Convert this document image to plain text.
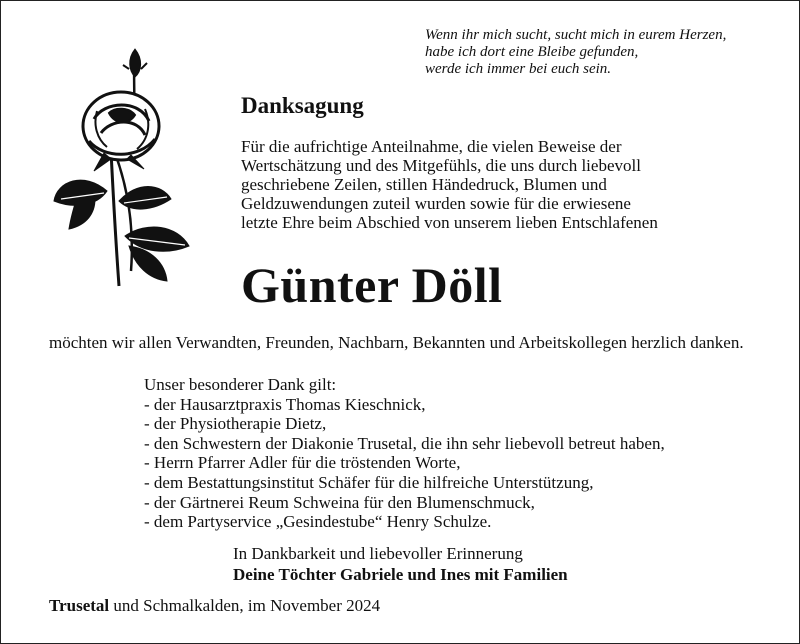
Wenn ihr mich sucht, sucht mich in eurem Herzen,
habe ich dort eine Bleibe gefunden,
werde ich immer bei euch sein.
Danksagung
Für die aufrichtige Anteilnahme, die vielen Beweise der
Wertschätzung und des Mitgefühls, die uns durch liebevoll
geschriebene Zeilen, stillen Händedruck, Blumen und
Geldzuwendungen zuteil wurden sowie für die erwiesene
letzte Ehre beim Abschied von unserem lieben Entschlafenen
Günter Döll
möchten wir allen Verwandten, Freunden, Nachbarn, Bekannten und Arbeitskollegen herzlich danken.
Unser besonderer Dank gilt:
- der Hausarztpraxis Thomas Kieschnick,
- der Physiotherapie Dietz,
- den Schwestern der Diakonie Trusetal, die ihn sehr liebevoll betreut haben,
- Herrn Pfarrer Adler für die tröstenden Worte,
- dem Bestattungsinstitut Schäfer für die hilfreiche Unterstützung,
- der Gärtnerei Reum Schweina für den Blumenschmuck,
- dem Partyservice „Gesindestube“ Henry Schulze.
In Dankbarkeit und liebevoller Erinnerung
Deine Töchter Gabriele und Ines mit Familien
Trusetal und Schmalkalden, im November 2024
